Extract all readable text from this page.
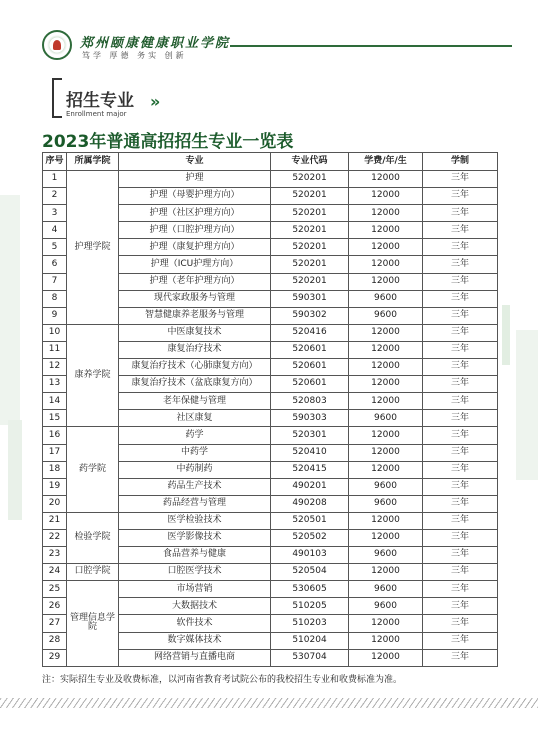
郑州颐康健康职业学院
笃学 厚德 务实 创新
招生专业
Enrollment major
»
2023年普通高招招生专业一览表
序号	所属学院	专业	专业代码	学费/年/生	学制
1	护理学院	护理	520201	12000	三年
2		护理（母婴护理方向）	520201	12000	三年
3		护理（社区护理方向）	520201	12000	三年
4		护理（口腔护理方向）	520201	12000	三年
5		护理（康复护理方向）	520201	12000	三年
6		护理（ICU护理方向）	520201	12000	三年
7		护理（老年护理方向）	520201	12000	三年
8		现代家政服务与管理	590301	9600	三年
9		智慧健康养老服务与管理	590302	9600	三年
10	康养学院	中医康复技术	520416	12000	三年
11		康复治疗技术	520601	12000	三年
12		康复治疗技术（心肺康复方向）	520601	12000	三年
13		康复治疗技术（盆底康复方向）	520601	12000	三年
14		老年保健与管理	520803	12000	三年
15		社区康复	590303	9600	三年
16	药学院	药学	520301	12000	三年
17		中药学	520410	12000	三年
18		中药制药	520415	12000	三年
19		药品生产技术	490201	9600	三年
20		药品经营与管理	490208	9600	三年
21	检验学院	医学检验技术	520501	12000	三年
22		医学影像技术	520502	12000	三年
23		食品营养与健康	490103	9600	三年
24	口腔学院	口腔医学技术	520504	12000	三年
25	管理信息学院	市场营销	530605	9600	三年
26		大数据技术	510205	9600	三年
27		软件技术	510203	12000	三年
28		数字媒体技术	510204	12000	三年
29		网络营销与直播电商	530704	12000	三年
注：实际招生专业及收费标准，以河南省教育考试院公布的我校招生专业和收费标准为准。
